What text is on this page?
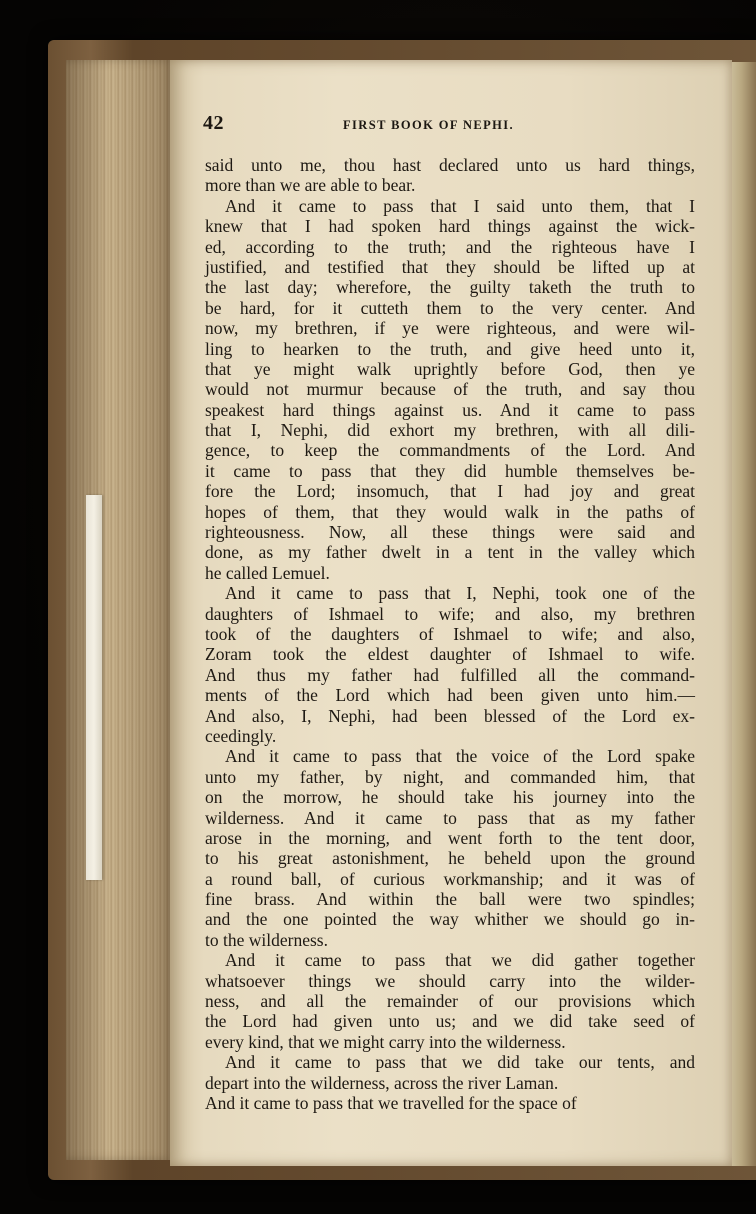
42	FIRST BOOK OF NEPHI.
said unto me, thou hast declared unto us hard things,
more than we are able to bear.
And it came to pass that I said unto them, that I
knew that I had spoken hard things against the wick-
ed, according to the truth; and the righteous have I
justified, and testified that they should be lifted up at
the last day; wherefore, the guilty taketh the truth to
be hard, for it cutteth them to the very center. And
now, my brethren, if ye were righteous, and were wil-
ling to hearken to the truth, and give heed unto it,
that ye might walk uprightly before God, then ye
would not murmur because of the truth, and say thou
speakest hard things against us. And it came to pass
that I, Nephi, did exhort my brethren, with all dili-
gence, to keep the commandments of the Lord. And
it came to pass that they did humble themselves be-
fore the Lord; insomuch, that I had joy and great
hopes of them, that they would walk in the paths of
righteousness. Now, all these things were said and
done, as my father dwelt in a tent in the valley which
he called Lemuel.
And it came to pass that I, Nephi, took one of the
daughters of Ishmael to wife; and also, my brethren
took of the daughters of Ishmael to wife; and also,
Zoram took the eldest daughter of Ishmael to wife.
And thus my father had fulfilled all the command-
ments of the Lord which had been given unto him.—
And also, I, Nephi, had been blessed of the Lord ex-
ceedingly.
And it came to pass that the voice of the Lord spake
unto my father, by night, and commanded him, that
on the morrow, he should take his journey into the
wilderness. And it came to pass that as my father
arose in the morning, and went forth to the tent door,
to his great astonishment, he beheld upon the ground
a round ball, of curious workmanship; and it was of
fine brass. And within the ball were two spindles;
and the one pointed the way whither we should go in-
to the wilderness.
And it came to pass that we did gather together
whatsoever things we should carry into the wilder-
ness, and all the remainder of our provisions which
the Lord had given unto us; and we did take seed of
every kind, that we might carry into the wilderness.
And it came to pass that we did take our tents, and
depart into the wilderness, across the river Laman.
And it came to pass that we travelled for the space of
